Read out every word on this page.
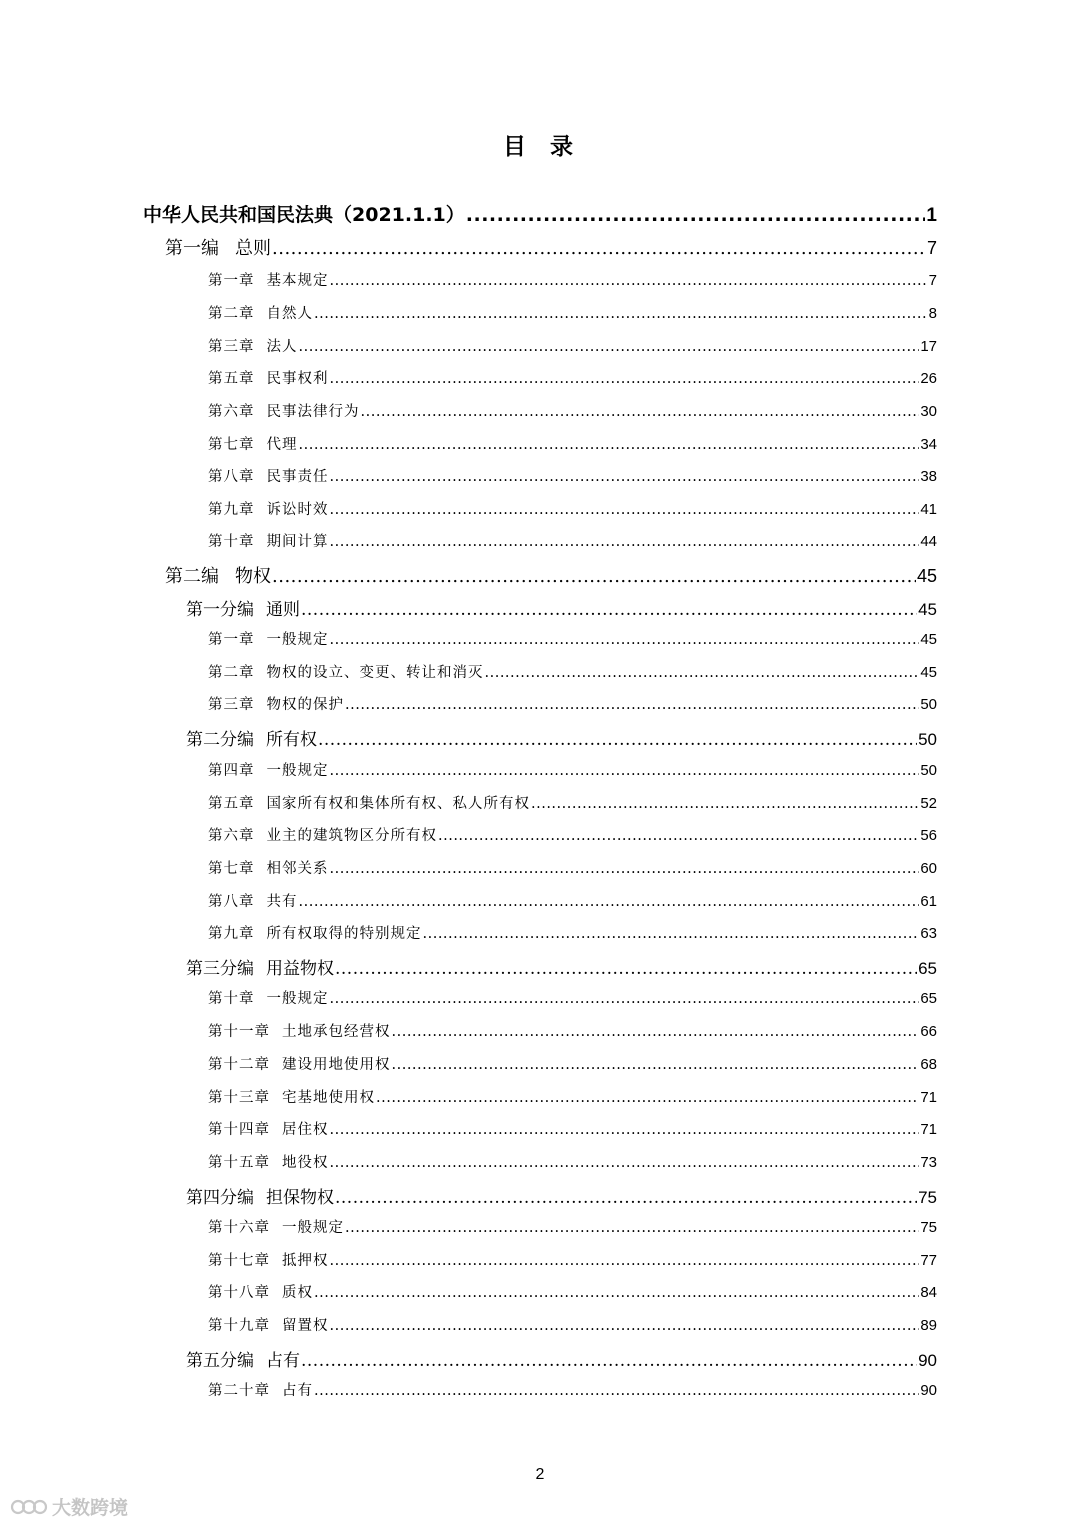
目 录
中华人民共和国民法典（2021.1.1） .....	1
第一编 总则 .....	7
第一章 基本规定 .....	7
第二章 自然人 .....	8
第三章 法人 .....	17
第五章 民事权利 .....	26
第六章 民事法律行为 .....	30
第七章 代理 .....	34
第八章 民事责任 .....	38
第九章 诉讼时效 .....	41
第十章 期间计算 .....	44
第二编 物权 .....	45
第一分编 通则 .....	45
第一章 一般规定 .....	45
第二章 物权的设立、变更、转让和消灭 .....	45
第三章 物权的保护 .....	50
第二分编 所有权 .....	50
第四章 一般规定 .....	50
第五章 国家所有权和集体所有权、私人所有权 .....	52
第六章 业主的建筑物区分所有权 .....	56
第七章 相邻关系 .....	60
第八章 共有 .....	61
第九章 所有权取得的特别规定 .....	63
第三分编 用益物权 .....	65
第十章 一般规定 .....	65
第十一章 土地承包经营权 .....	66
第十二章 建设用地使用权 .....	68
第十三章 宅基地使用权 .....	71
第十四章 居住权 .....	71
第十五章 地役权 .....	73
第四分编 担保物权 .....	75
第十六章 一般规定 .....	75
第十七章 抵押权 .....	77
第十八章 质权 .....	84
第十九章 留置权 .....	89
第五分编 占有 .....	90
第二十章 占有 .....	90
2
大数跨境
